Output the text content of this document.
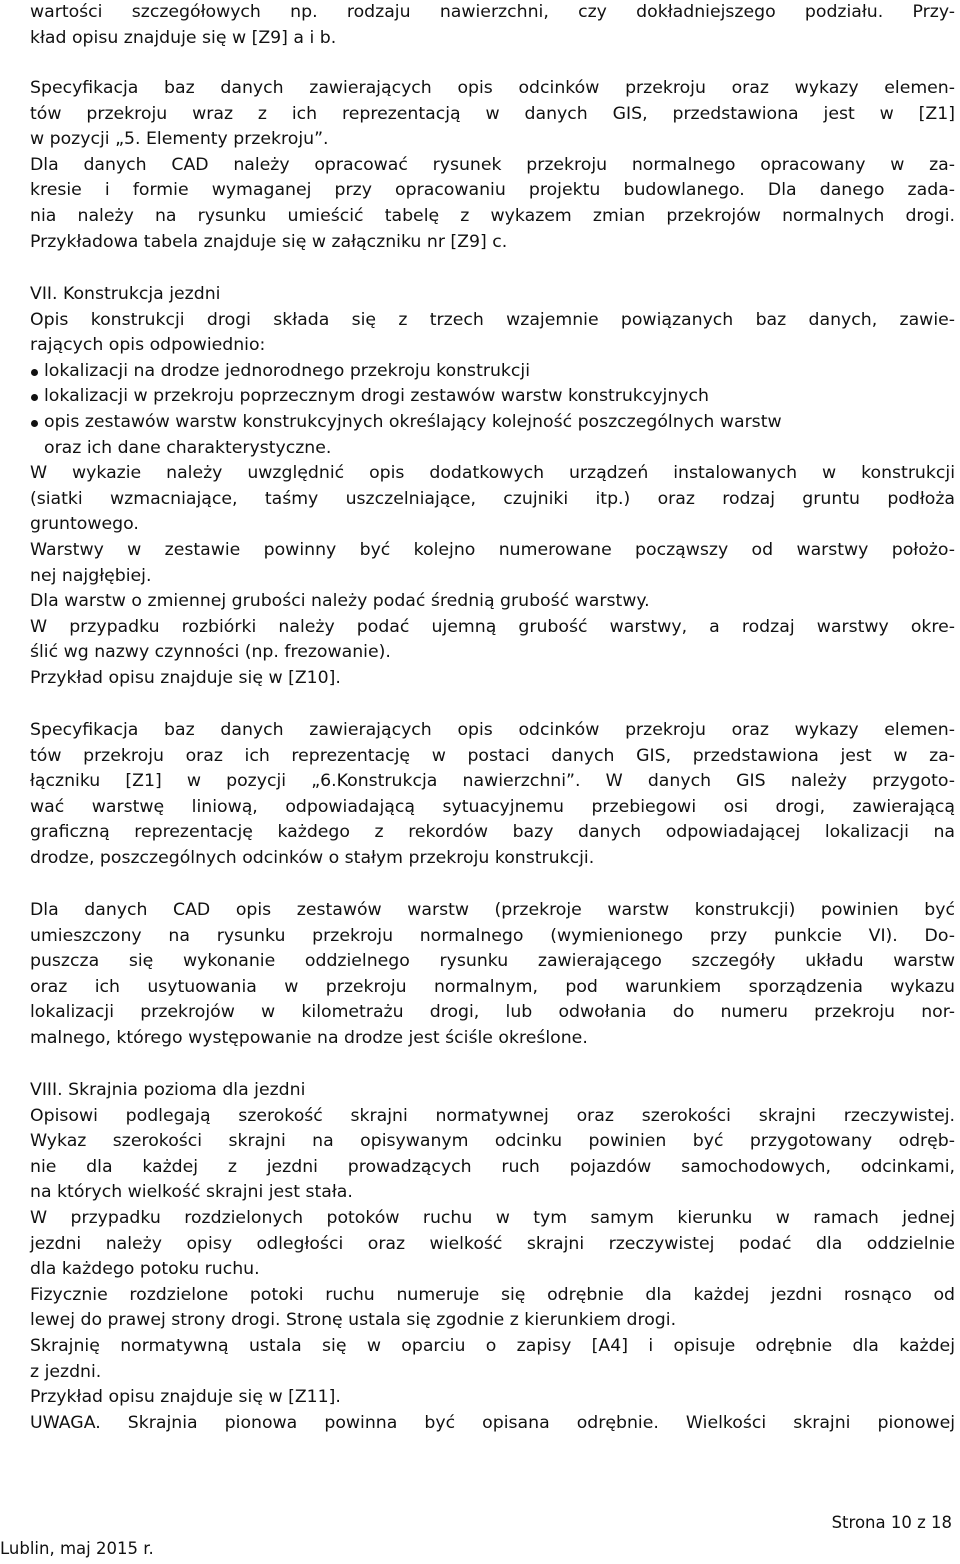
wartości szczegółowych np. rodzaju nawierzchni, czy dokładniejszego podziału. Przy-
kład opisu znajduje się w [Z9] a i b.
Specyfikacja baz danych zawierających opis odcinków przekroju oraz wykazy elemen-
tów przekroju wraz z ich reprezentacją w danych GIS, przedstawiona jest w [Z1]
w pozycji „5. Elementy przekroju”.
Dla danych CAD należy opracować rysunek przekroju normalnego opracowany w za-
kresie i formie wymaganej przy opracowaniu projektu budowlanego. Dla danego zada-
nia należy na rysunku umieścić tabelę z wykazem zmian przekrojów normalnych drogi.
Przykładowa tabela znajduje się w załączniku nr [Z9] c.
VII. Konstrukcja jezdni
Opis konstrukcji drogi składa się z trzech wzajemnie powiązanych baz danych, zawie-
rających opis odpowiednio:
lokalizacji na drodze jednorodnego przekroju konstrukcji
lokalizacji w przekroju poprzecznym drogi zestawów warstw konstrukcyjnych
opis zestawów warstw konstrukcyjnych określający kolejność poszczególnych warstw
oraz ich dane charakterystyczne.
W wykazie należy uwzględnić opis dodatkowych urządzeń instalowanych w konstrukcji
(siatki wzmacniające, taśmy uszczelniające, czujniki itp.) oraz rodzaj gruntu podłoża
gruntowego.
Warstwy w zestawie powinny być kolejno numerowane począwszy od warstwy położo-
nej najgłębiej.
Dla warstw o zmiennej grubości należy podać średnią grubość warstwy.
W przypadku rozbiórki należy podać ujemną grubość warstwy, a rodzaj warstwy okre-
ślić wg nazwy czynności (np. frezowanie).
Przykład opisu znajduje się w [Z10].
Specyfikacja baz danych zawierających opis odcinków przekroju oraz wykazy elemen-
tów przekroju oraz ich reprezentację w postaci danych GIS, przedstawiona jest w za-
łączniku [Z1] w pozycji „6.Konstrukcja nawierzchni”. W danych GIS należy przygoto-
wać warstwę liniową, odpowiadającą sytuacyjnemu przebiegowi osi drogi, zawierającą
graficzną reprezentację każdego z rekordów bazy danych odpowiadającej lokalizacji na
drodze, poszczególnych odcinków o stałym przekroju konstrukcji.
Dla danych CAD opis zestawów warstw (przekroje warstw konstrukcji) powinien być
umieszczony na rysunku przekroju normalnego (wymienionego przy punkcie VI). Do-
puszcza się wykonanie oddzielnego rysunku zawierającego szczegóły układu warstw
oraz ich usytuowania w przekroju normalnym, pod warunkiem sporządzenia wykazu
lokalizacji przekrojów w kilometrażu drogi, lub odwołania do numeru przekroju nor-
malnego, którego występowanie na drodze jest ściśle określone.
VIII. Skrajnia pozioma dla jezdni
Opisowi podlegają szerokość skrajni normatywnej oraz szerokości skrajni rzeczywistej.
Wykaz szerokości skrajni na opisywanym odcinku powinien być przygotowany odręb-
nie dla każdej z jezdni prowadzących ruch pojazdów samochodowych, odcinkami,
na których wielkość skrajni jest stała.
W przypadku rozdzielonych potoków ruchu w tym samym kierunku w ramach jednej
jezdni należy opisy odległości oraz wielkość skrajni rzeczywistej podać dla oddzielnie
dla każdego potoku ruchu.
Fizycznie rozdzielone potoki ruchu numeruje się odrębnie dla każdej jezdni rosnąco od
lewej do prawej strony drogi. Stronę ustala się zgodnie z kierunkiem drogi.
Skrajnię normatywną ustala się w oparciu o zapisy [A4] i opisuje odrębnie dla każdej
z jezdni.
Przykład opisu znajduje się w [Z11].
UWAGA. Skrajnia pionowa powinna być opisana odrębnie. Wielkości skrajni pionowej
Strona 10 z 18
Lublin, maj 2015 r.
